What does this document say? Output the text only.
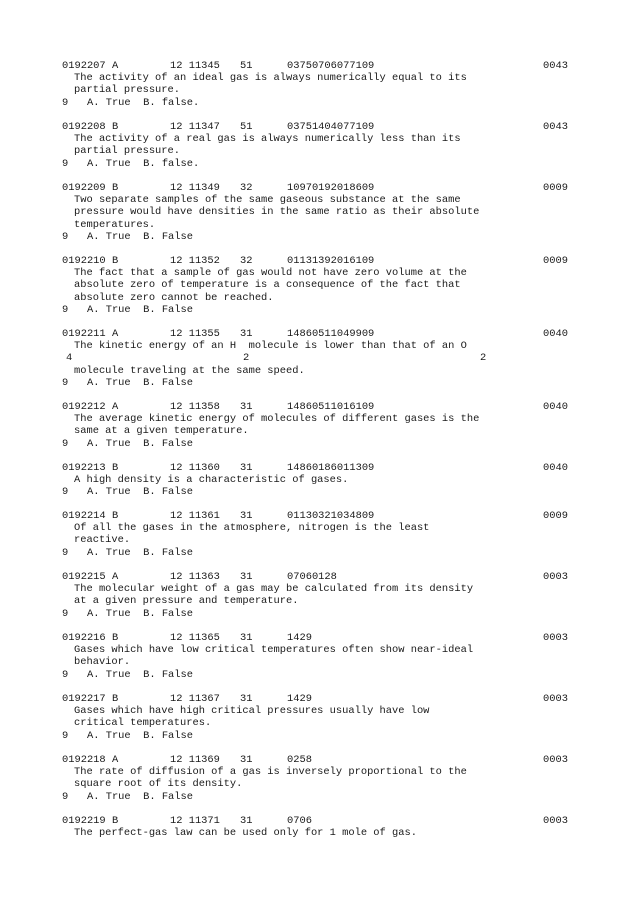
0192207 A	12 11345 51	03750706077109	0043
The activity of an ideal gas is always numerically equal to its
partial pressure.
9 A. True  B. false.
0192208 B	12 11347 51	03751404077109	0043
The activity of a real gas is always numerically less than its
partial pressure.
9 A. True  B. false.
0192209 B	12 11349 32	10970192018609	0009
Two separate samples of the same gaseous substance at the same
pressure would have densities in the same ratio as their absolute
temperatures.
9 A. True  B. False
0192210 B	12 11352 32	01131392016109	0009
The fact that a sample of gas would not have zero volume at the
absolute zero of temperature is a consequence of the fact that
absolute zero cannot be reached.
9 A. True  B. False
0192211 A	12 11355 31	14860511049909	0040
The kinetic energy of an H  molecule is lower than that of an O
4	2	2
molecule traveling at the same speed.
9 A. True  B. False
0192212 A	12 11358 31	14860511016109	0040
The average kinetic energy of molecules of different gases is the
same at a given temperature.
9 A. True  B. False
0192213 B	12 11360 31	14860186011309	0040
A high density is a characteristic of gases.
9 A. True  B. False
0192214 B	12 11361 31	01130321034809	0009
Of all the gases in the atmosphere, nitrogen is the least
reactive.
9 A. True  B. False
0192215 A	12 11363 31	07060128	0003
The molecular weight of a gas may be calculated from its density
at a given pressure and temperature.
9 A. True  B. False
0192216 B	12 11365 31	1429	0003
Gases which have low critical temperatures often show near-ideal
behavior.
9 A. True  B. False
0192217 B	12 11367 31	1429	0003
Gases which have high critical pressures usually have low
critical temperatures.
9 A. True  B. False
0192218 A	12 11369 31	0258	0003
The rate of diffusion of a gas is inversely proportional to the
square root of its density.
9 A. True  B. False
0192219 B	12 11371 31	0706	0003
The perfect-gas law can be used only for 1 mole of gas.
